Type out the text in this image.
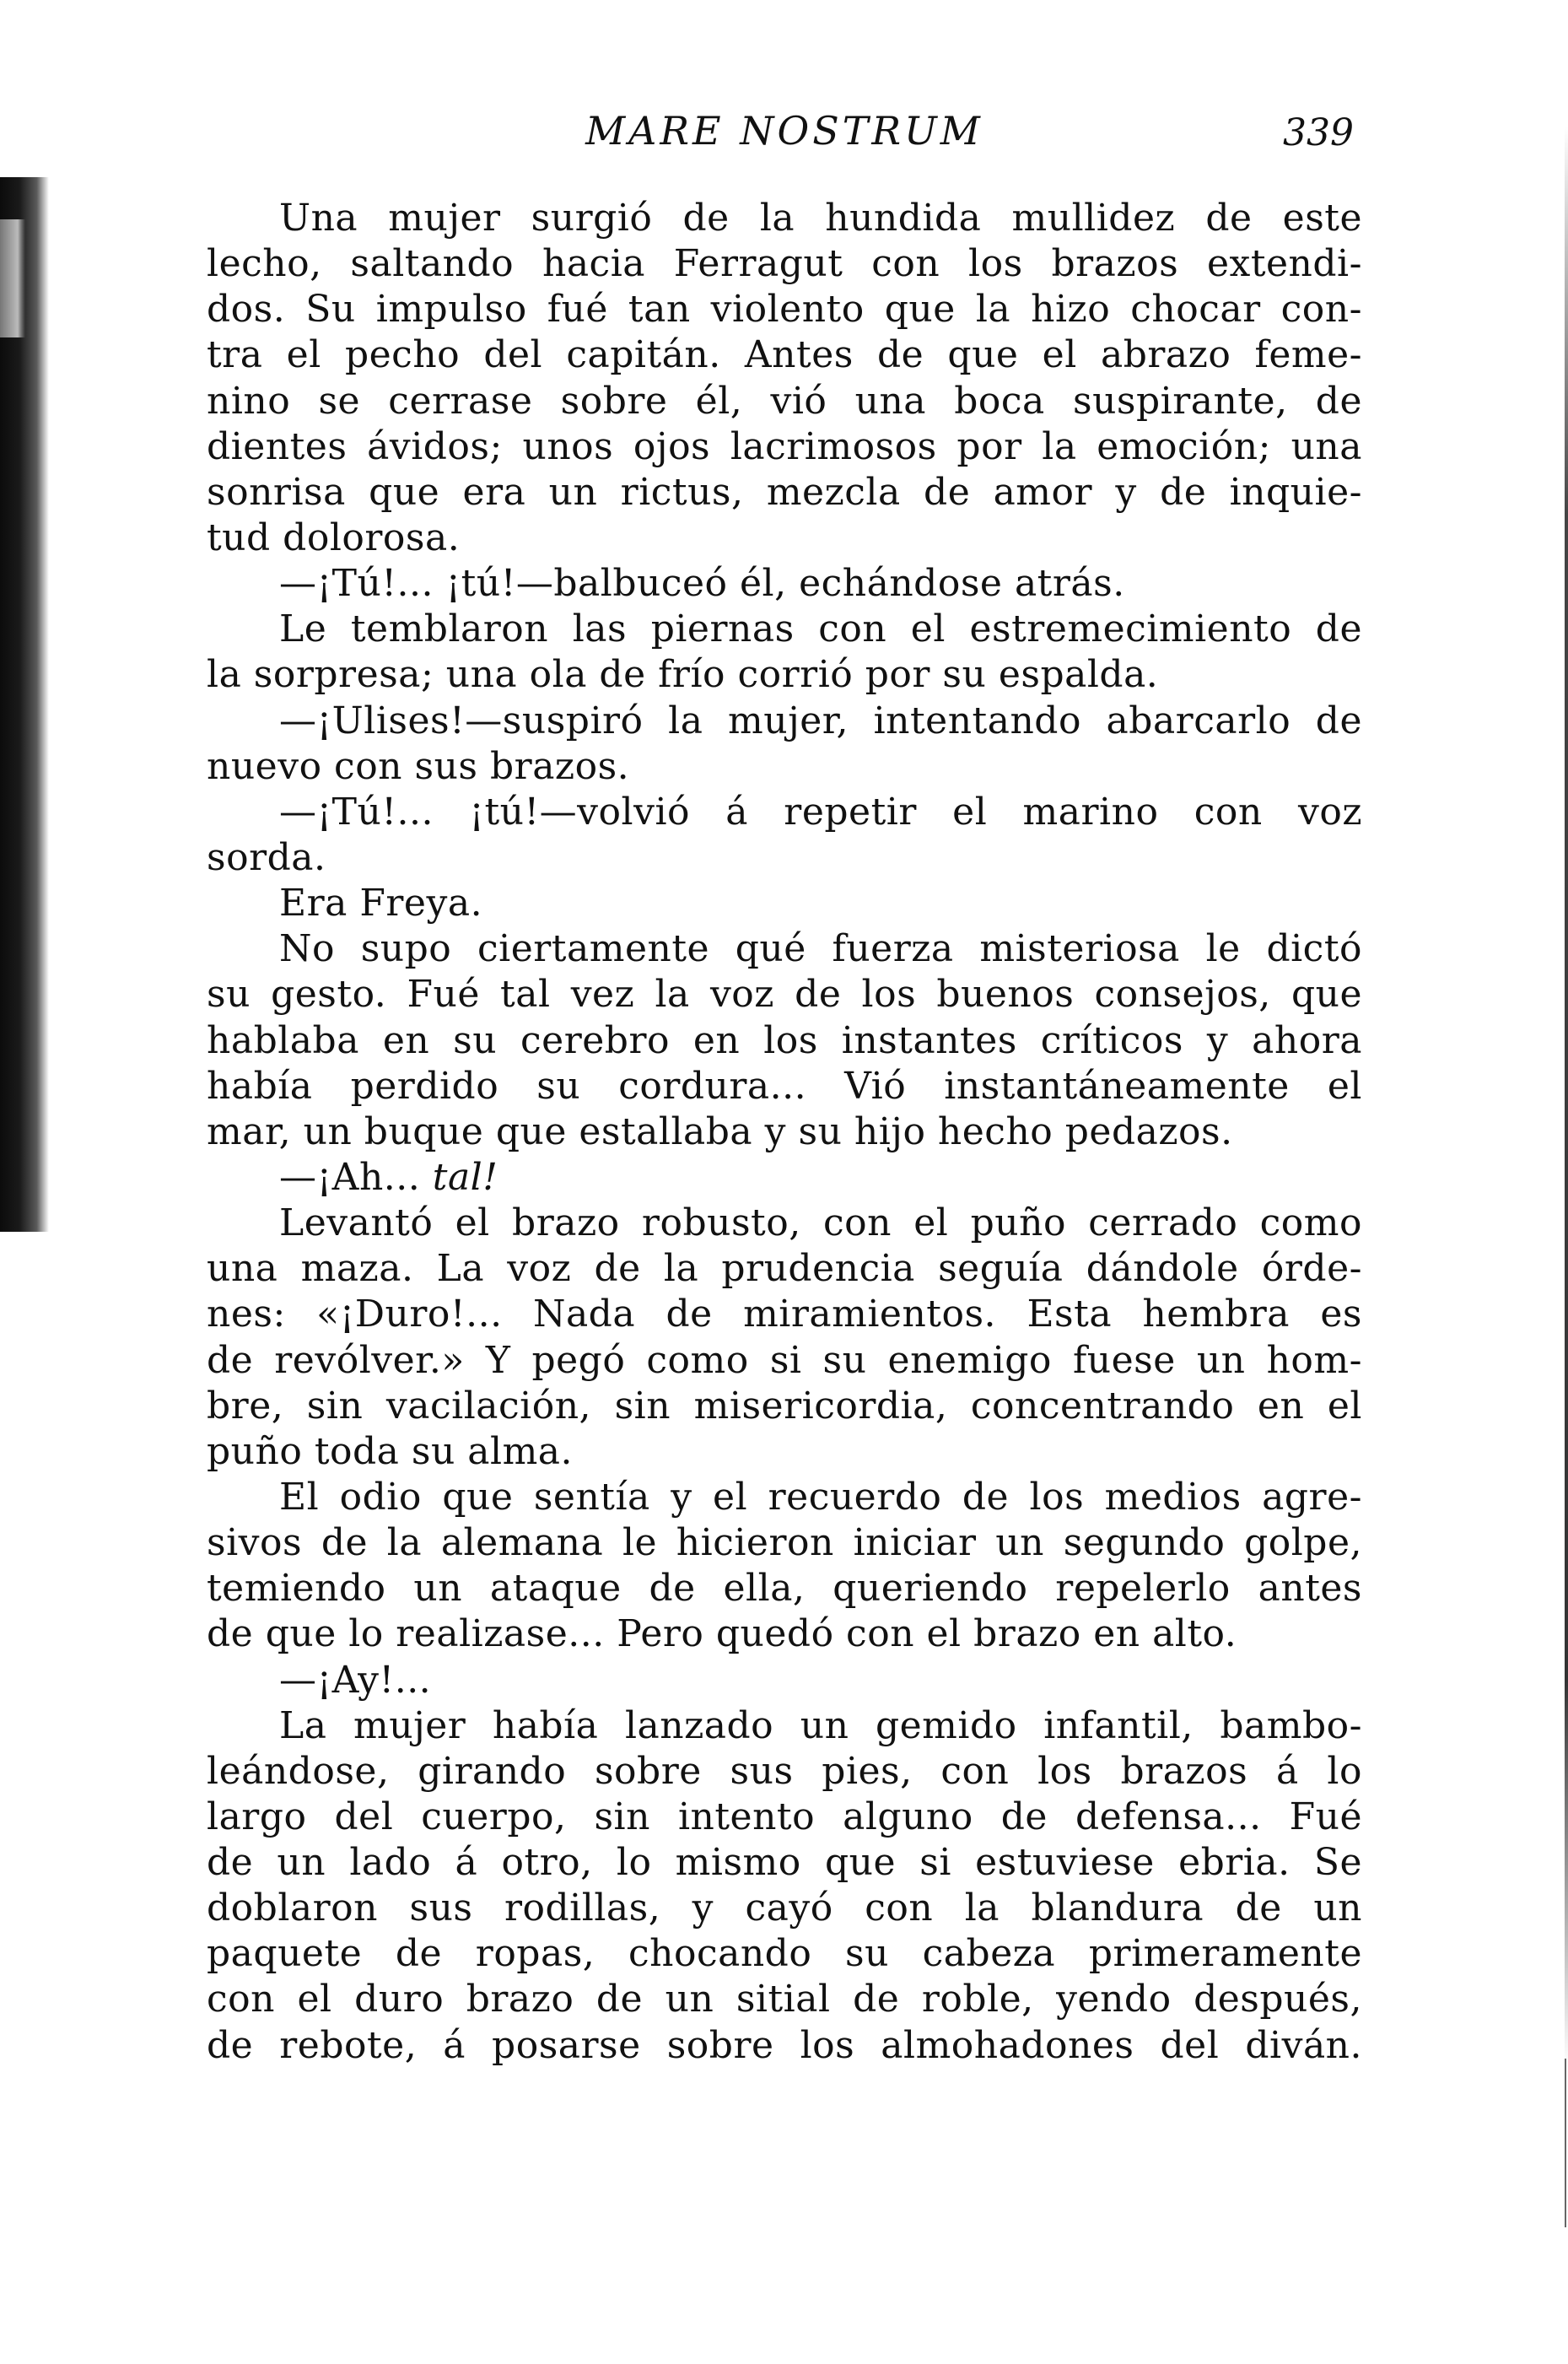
MARE NOSTRUM	339
Una mujer surgió de la hundida mullidez de este
lecho, saltando hacia Ferragut con los brazos extendi-
dos. Su impulso fué tan violento que la hizo chocar con-
tra el pecho del capitán. Antes de que el abrazo feme-
nino se cerrase sobre él, vió una boca suspirante, de
dientes ávidos; unos ojos lacrimosos por la emoción; una
sonrisa que era un rictus, mezcla de amor y de inquie-
tud dolorosa.
—¡Tú!... ¡tú!—balbuceó él, echándose atrás.
Le temblaron las piernas con el estremecimiento de
la sorpresa; una ola de frío corrió por su espalda.
—¡Ulises!—suspiró la mujer, intentando abarcarlo de
nuevo con sus brazos.
—¡Tú!... ¡tú!—volvió á repetir el marino con voz
sorda.
Era Freya.
No supo ciertamente qué fuerza misteriosa le dictó
su gesto. Fué tal vez la voz de los buenos consejos, que
hablaba en su cerebro en los instantes críticos y ahora
había perdido su cordura... Vió instantáneamente el
mar, un buque que estallaba y su hijo hecho pedazos.
—¡Ah... tal!
Levantó el brazo robusto, con el puño cerrado como
una maza. La voz de la prudencia seguía dándole órde-
nes: «¡Duro!... Nada de miramientos. Esta hembra es
de revólver.» Y pegó como si su enemigo fuese un hom-
bre, sin vacilación, sin misericordia, concentrando en el
puño toda su alma.
El odio que sentía y el recuerdo de los medios agre-
sivos de la alemana le hicieron iniciar un segundo golpe,
temiendo un ataque de ella, queriendo repelerlo antes
de que lo realizase... Pero quedó con el brazo en alto.
—¡Ay!...
La mujer había lanzado un gemido infantil, bambo-
leándose, girando sobre sus pies, con los brazos á lo
largo del cuerpo, sin intento alguno de defensa... Fué
de un lado á otro, lo mismo que si estuviese ebria. Se
doblaron sus rodillas, y cayó con la blandura de un
paquete de ropas, chocando su cabeza primeramente
con el duro brazo de un sitial de roble, yendo después,
de rebote, á posarse sobre los almohadones del diván.
